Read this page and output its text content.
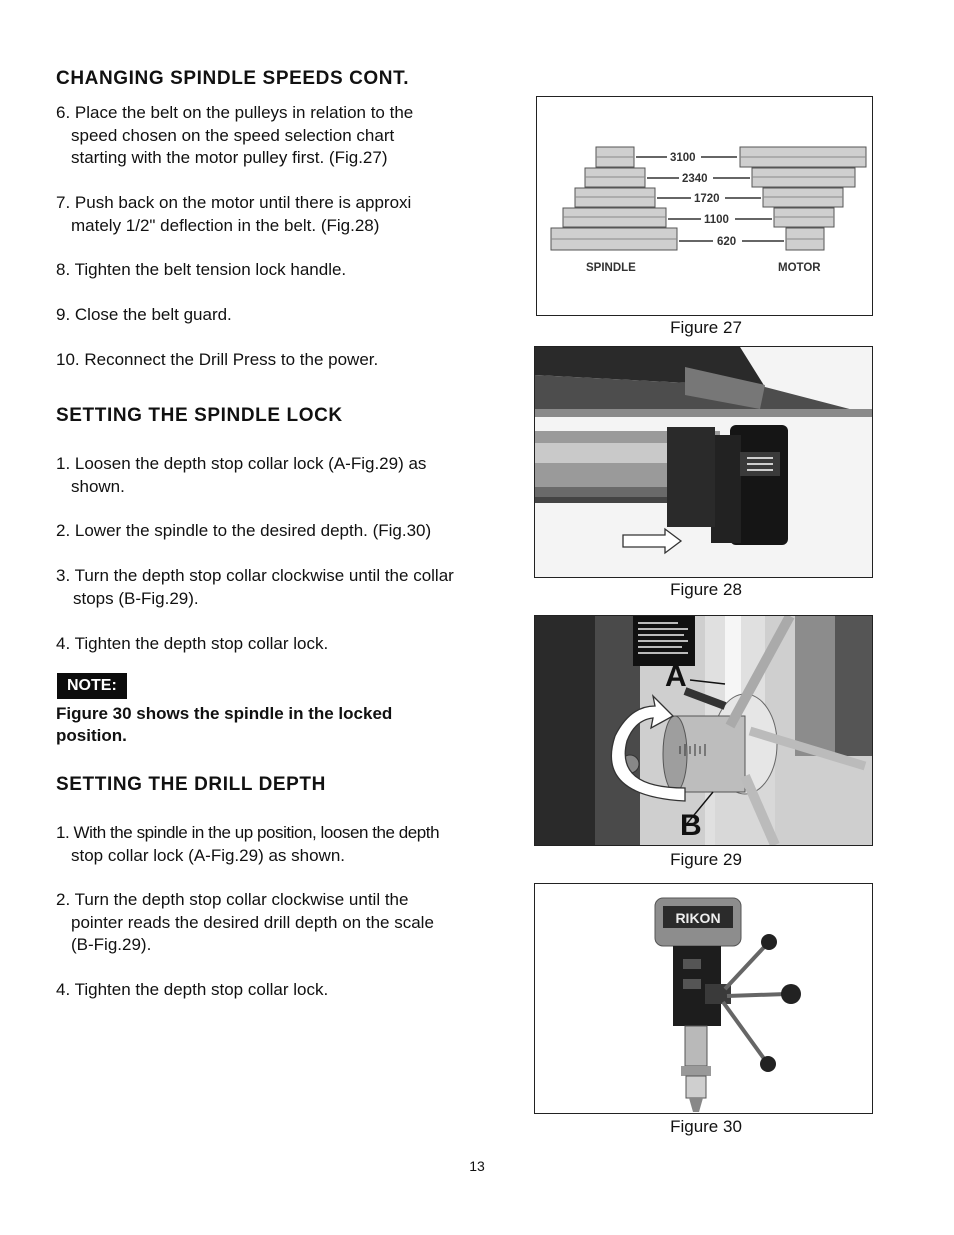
CHANGING SPINDLE SPEEDS CONT.
6. Place the belt on the pulleys in relation to the
speed chosen on the speed selection chart
starting with the motor pulley first. (Fig.27)
7. Push back on the motor until there is approxi
mately 1/2" deflection in the belt. (Fig.28)
8. Tighten the belt tension lock handle.
9. Close the belt guard.
10. Reconnect the Drill Press to the power.
SETTING THE SPINDLE LOCK
1. Loosen the depth stop collar lock (A-Fig.29) as
shown.
2. Lower the spindle to the desired depth. (Fig.30)
3. Turn the depth stop collar clockwise until the collar
stops (B-Fig.29).
4. Tighten the depth stop collar lock.
NOTE:
Figure 30 shows the spindle in the locked
position.
SETTING THE DRILL DEPTH
1. With the spindle in the up position, loosen the depth
stop collar lock (A-Fig.29) as shown.
2. Turn the depth stop collar clockwise until the
pointer reads the desired drill depth on the scale
(B-Fig.29).
4. Tighten the depth stop collar lock.
3100
2340
1720
1100
620
SPINDLE	MOTOR
Figure 27
Figure 28
A
B
Figure 29
RIKON
Figure 30
13
